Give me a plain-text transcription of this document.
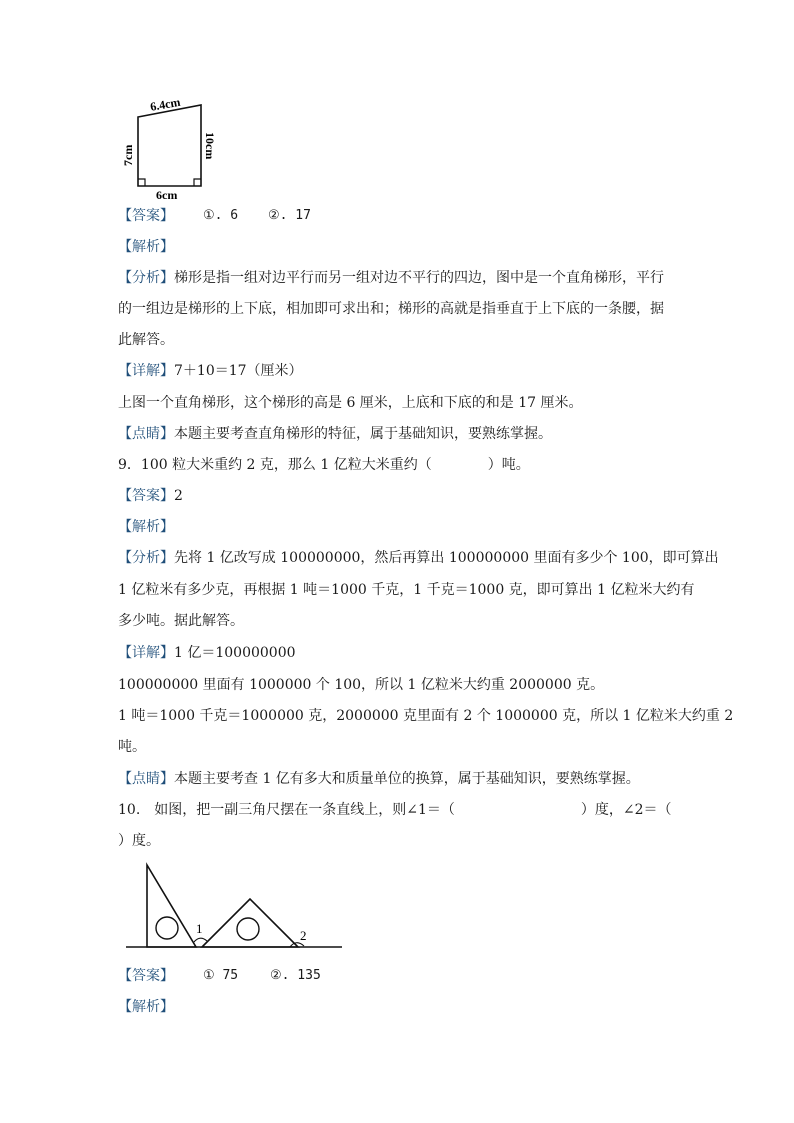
6.4cm
7cm	10cm
6cm
【答案】 ①. 6 ②. 17
【解析】
【分析】梯形是指一组对边平行而另一组对边不平行的四边，图中是一个直角梯形，平行
的一组边是梯形的上下底，相加即可求出和；梯形的高就是指垂直于上下底的一条腰，据
此解答。
【详解】7＋10＝17（厘米）
上图一个直角梯形，这个梯形的高是 6 厘米，上底和下底的和是 17 厘米。
【点睛】本题主要考查直角梯形的特征，属于基础知识，要熟练掌握。
9．100 粒大米重约 2 克，那么 1 亿粒大米重约（　　　　）吨。
【答案】2
【解析】
【分析】先将 1 亿改写成 100000000，然后再算出 100000000 里面有多少个 100，即可算出
1 亿粒米有多少克，再根据 1 吨＝1000 千克，1 千克＝1000 克，即可算出 1 亿粒米大约有
多少吨。据此解答。
【详解】1 亿＝100000000
100000000 里面有 1000000 个 100，所以 1 亿粒米大约重 2000000 克。
1 吨＝1000 千克＝1000000 克，2000000 克里面有 2 个 1000000 克，所以 1 亿粒米大约重 2
吨。
【点睛】本题主要考查 1 亿有多大和质量单位的换算，属于基础知识，要熟练掌握。
10.　如图，把一副三角尺摆在一条直线上，则∠1＝（　　　　　　　　　）度，∠2＝（
）度。
1	2
【答案】 ① 75 ②. 135
【解析】
